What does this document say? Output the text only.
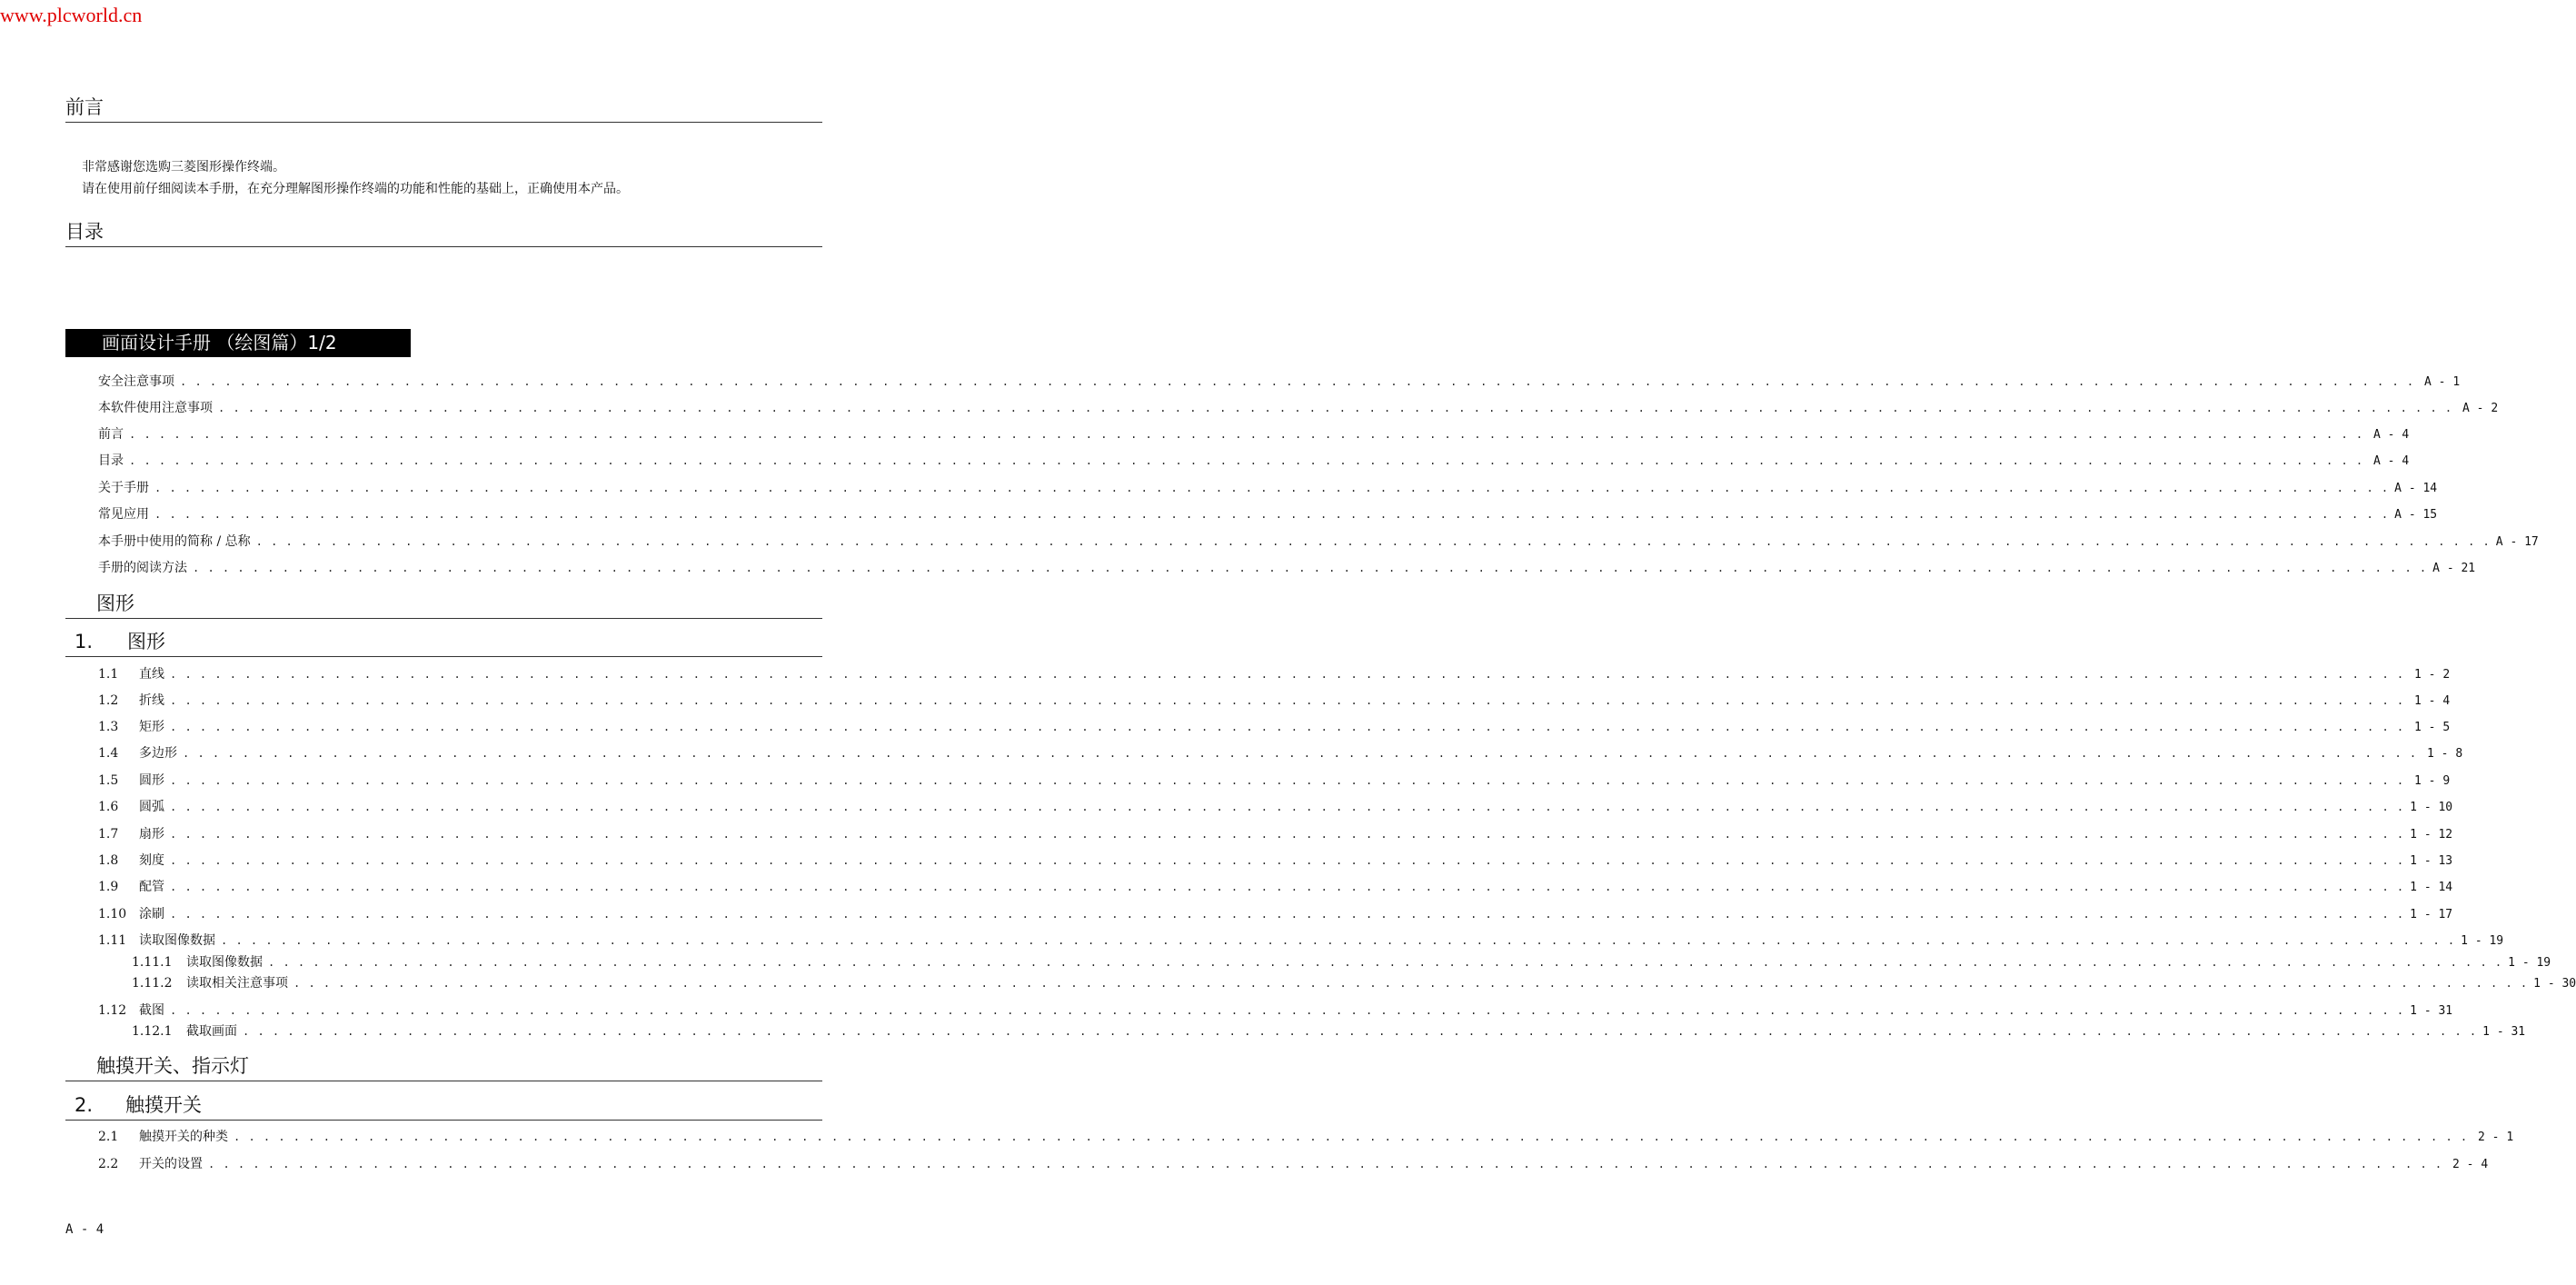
www.plcworld.cn
前言
非常感谢您选购三菱图形操作终端。
请在使用前仔细阅读本手册，在充分理解图形操作终端的功能和性能的基础上，正确使用本产品。
目录
画面设计手册 （绘图篇）1/2
安全注意事项 . . . . . . . . . . . . . . . . . . . . . . . . . . . . . . . . . . . . . . . . . . . . . . . . . . . . . . . . . . . . . . . . . . . . . . . . . . . . . . . . . . . . . . . . . . . . . . . . . . . . . . . . . . . . . . . . . . . . . . . . . . . . . . . . . . . . . . . . . . . . . . . . . . . . . . A - 1
本软件使用注意事项 . . . . . . . . . . . . . . . . . . . . . . . . . . . . . . . . . . . . . . . . . . . . . . . . . . . . . . . . . . . . . . . . . . . . . . . . . . . . . . . . . . . . . . . . . . . . . . . . . . . . . . . . . . . . . . . . . . . . . . . . . . . . . . . . . . . . . . . . . . . . . . . . . . . . . . A - 2
前言 . . . . . . . . . . . . . . . . . . . . . . . . . . . . . . . . . . . . . . . . . . . . . . . . . . . . . . . . . . . . . . . . . . . . . . . . . . . . . . . . . . . . . . . . . . . . . . . . . . . . . . . . . . . . . . . . . . . . . . . . . . . . . . . . . . . . . . . . . . . . . . . . . . . . . . A - 4
目录 . . . . . . . . . . . . . . . . . . . . . . . . . . . . . . . . . . . . . . . . . . . . . . . . . . . . . . . . . . . . . . . . . . . . . . . . . . . . . . . . . . . . . . . . . . . . . . . . . . . . . . . . . . . . . . . . . . . . . . . . . . . . . . . . . . . . . . . . . . . . . . . . . . . . . . A - 4
关于手册 . . . . . . . . . . . . . . . . . . . . . . . . . . . . . . . . . . . . . . . . . . . . . . . . . . . . . . . . . . . . . . . . . . . . . . . . . . . . . . . . . . . . . . . . . . . . . . . . . . . . . . . . . . . . . . . . . . . . . . . . . . . . . . . . . . . . . . . . . . . . . . . . . . . . . . A - 14
常见应用 . . . . . . . . . . . . . . . . . . . . . . . . . . . . . . . . . . . . . . . . . . . . . . . . . . . . . . . . . . . . . . . . . . . . . . . . . . . . . . . . . . . . . . . . . . . . . . . . . . . . . . . . . . . . . . . . . . . . . . . . . . . . . . . . . . . . . . . . . . . . . . . . . . . . . . A - 15
本手册中使用的简称 / 总称 . . . . . . . . . . . . . . . . . . . . . . . . . . . . . . . . . . . . . . . . . . . . . . . . . . . . . . . . . . . . . . . . . . . . . . . . . . . . . . . . . . . . . . . . . . . . . . . . . . . . . . . . . . . . . . . . . . . . . . . . . . . . . . . . . . . . . . . . . . . . . . . . . . . . . . A - 17
手册的阅读方法 . . . . . . . . . . . . . . . . . . . . . . . . . . . . . . . . . . . . . . . . . . . . . . . . . . . . . . . . . . . . . . . . . . . . . . . . . . . . . . . . . . . . . . . . . . . . . . . . . . . . . . . . . . . . . . . . . . . . . . . . . . . . . . . . . . . . . . . . . . . . . . . . . . . . . . A - 21
图形
1. 图形
1.1 直线 . . . . . . . . . . . . . . . . . . . . . . . . . . . . . . . . . . . . . . . . . . . . . . . . . . . . . . . . . . . . . . . . . . . . . . . . . . . . . . . . . . . . . . . . . . . . . . . . . . . . . . . . . . . . . . . . . . . . . . . . . . . . . . . . . . . . . . . . . . . . . . . . . . . . . . 1 - 2
1.2 折线 . . . . . . . . . . . . . . . . . . . . . . . . . . . . . . . . . . . . . . . . . . . . . . . . . . . . . . . . . . . . . . . . . . . . . . . . . . . . . . . . . . . . . . . . . . . . . . . . . . . . . . . . . . . . . . . . . . . . . . . . . . . . . . . . . . . . . . . . . . . . . . . . . . . . . . 1 - 4
1.3 矩形 . . . . . . . . . . . . . . . . . . . . . . . . . . . . . . . . . . . . . . . . . . . . . . . . . . . . . . . . . . . . . . . . . . . . . . . . . . . . . . . . . . . . . . . . . . . . . . . . . . . . . . . . . . . . . . . . . . . . . . . . . . . . . . . . . . . . . . . . . . . . . . . . . . . . . . 1 - 5
1.4 多边形 . . . . . . . . . . . . . . . . . . . . . . . . . . . . . . . . . . . . . . . . . . . . . . . . . . . . . . . . . . . . . . . . . . . . . . . . . . . . . . . . . . . . . . . . . . . . . . . . . . . . . . . . . . . . . . . . . . . . . . . . . . . . . . . . . . . . . . . . . . . . . . . . . . . . . . 1 - 8
1.5 圆形 . . . . . . . . . . . . . . . . . . . . . . . . . . . . . . . . . . . . . . . . . . . . . . . . . . . . . . . . . . . . . . . . . . . . . . . . . . . . . . . . . . . . . . . . . . . . . . . . . . . . . . . . . . . . . . . . . . . . . . . . . . . . . . . . . . . . . . . . . . . . . . . . . . . . . . 1 - 9
1.6 圆弧 . . . . . . . . . . . . . . . . . . . . . . . . . . . . . . . . . . . . . . . . . . . . . . . . . . . . . . . . . . . . . . . . . . . . . . . . . . . . . . . . . . . . . . . . . . . . . . . . . . . . . . . . . . . . . . . . . . . . . . . . . . . . . . . . . . . . . . . . . . . . . . . . . . . . . . 1 - 10
1.7 扇形 . . . . . . . . . . . . . . . . . . . . . . . . . . . . . . . . . . . . . . . . . . . . . . . . . . . . . . . . . . . . . . . . . . . . . . . . . . . . . . . . . . . . . . . . . . . . . . . . . . . . . . . . . . . . . . . . . . . . . . . . . . . . . . . . . . . . . . . . . . . . . . . . . . . . . . 1 - 12
1.8 刻度 . . . . . . . . . . . . . . . . . . . . . . . . . . . . . . . . . . . . . . . . . . . . . . . . . . . . . . . . . . . . . . . . . . . . . . . . . . . . . . . . . . . . . . . . . . . . . . . . . . . . . . . . . . . . . . . . . . . . . . . . . . . . . . . . . . . . . . . . . . . . . . . . . . . . . . 1 - 13
1.9 配管 . . . . . . . . . . . . . . . . . . . . . . . . . . . . . . . . . . . . . . . . . . . . . . . . . . . . . . . . . . . . . . . . . . . . . . . . . . . . . . . . . . . . . . . . . . . . . . . . . . . . . . . . . . . . . . . . . . . . . . . . . . . . . . . . . . . . . . . . . . . . . . . . . . . . . . 1 - 14
1.10 涂刷 . . . . . . . . . . . . . . . . . . . . . . . . . . . . . . . . . . . . . . . . . . . . . . . . . . . . . . . . . . . . . . . . . . . . . . . . . . . . . . . . . . . . . . . . . . . . . . . . . . . . . . . . . . . . . . . . . . . . . . . . . . . . . . . . . . . . . . . . . . . . . . . . . . . . . . 1 - 17
1.11 读取图像数据 . . . . . . . . . . . . . . . . . . . . . . . . . . . . . . . . . . . . . . . . . . . . . . . . . . . . . . . . . . . . . . . . . . . . . . . . . . . . . . . . . . . . . . . . . . . . . . . . . . . . . . . . . . . . . . . . . . . . . . . . . . . . . . . . . . . . . . . . . . . . . . . . . . . . . . 1 - 19
1.11.1 读取图像数据 . . . . . . . . . . . . . . . . . . . . . . . . . . . . . . . . . . . . . . . . . . . . . . . . . . . . . . . . . . . . . . . . . . . . . . . . . . . . . . . . . . . . . . . . . . . . . . . . . . . . . . . . . . . . . . . . . . . . . . . . . . . . . . . . . . . . . . . . . . . . . . . . . . . . . . 1 - 19
1.11.2 读取相关注意事项 . . . . . . . . . . . . . . . . . . . . . . . . . . . . . . . . . . . . . . . . . . . . . . . . . . . . . . . . . . . . . . . . . . . . . . . . . . . . . . . . . . . . . . . . . . . . . . . . . . . . . . . . . . . . . . . . . . . . . . . . . . . . . . . . . . . . . . . . . . . . . . . . . . . . . . 1 - 30
1.12 截图 . . . . . . . . . . . . . . . . . . . . . . . . . . . . . . . . . . . . . . . . . . . . . . . . . . . . . . . . . . . . . . . . . . . . . . . . . . . . . . . . . . . . . . . . . . . . . . . . . . . . . . . . . . . . . . . . . . . . . . . . . . . . . . . . . . . . . . . . . . . . . . . . . . . . . . 1 - 31
1.12.1 截取画面 . . . . . . . . . . . . . . . . . . . . . . . . . . . . . . . . . . . . . . . . . . . . . . . . . . . . . . . . . . . . . . . . . . . . . . . . . . . . . . . . . . . . . . . . . . . . . . . . . . . . . . . . . . . . . . . . . . . . . . . . . . . . . . . . . . . . . . . . . . . . . . . . . . . . . . 1 - 31
触摸开关、指示灯
2. 触摸开关
2.1 触摸开关的种类 . . . . . . . . . . . . . . . . . . . . . . . . . . . . . . . . . . . . . . . . . . . . . . . . . . . . . . . . . . . . . . . . . . . . . . . . . . . . . . . . . . . . . . . . . . . . . . . . . . . . . . . . . . . . . . . . . . . . . . . . . . . . . . . . . . . . . . . . . . . . . . . . . . . . . . 2 - 1
2.2 开关的设置 . . . . . . . . . . . . . . . . . . . . . . . . . . . . . . . . . . . . . . . . . . . . . . . . . . . . . . . . . . . . . . . . . . . . . . . . . . . . . . . . . . . . . . . . . . . . . . . . . . . . . . . . . . . . . . . . . . . . . . . . . . . . . . . . . . . . . . . . . . . . . . . . . . . . . . 2 - 4
A - 4
